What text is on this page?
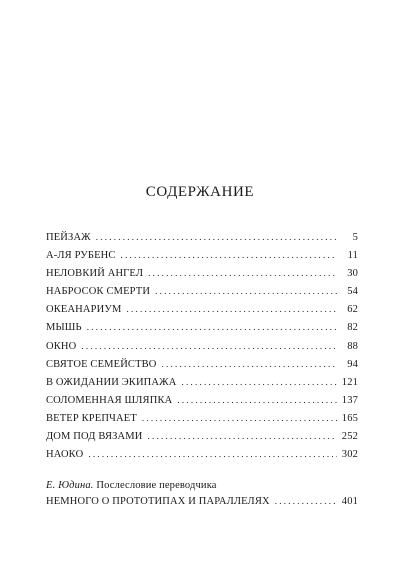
СОДЕРЖАНИЕ
ПЕЙЗАЖ . . .	5
А-ЛЯ РУБЕНС . . .	11
НЕЛОВКИЙ АНГЕЛ . . .	30
НАБРОСОК СМЕРТИ . . .	54
ОКЕАНАРИУМ . . .	62
МЫШЬ . . .	82
ОКНО . . .	88
СВЯТОЕ СЕМЕЙСТВО . . .	94
В ОЖИДАНИИ ЭКИПАЖА . . .	121
СОЛОМЕННАЯ ШЛЯПКА . . .	137
ВЕТЕР КРЕПЧАЕТ . . .	165
ДОМ ПОД ВЯЗАМИ . . .	252
НАОКО . . .	302
Е. Юдина. Послесловие переводчика
НЕМНОГО О ПРОТОТИПАХ И ПАРАЛЛЕЛЯХ . . .	401
